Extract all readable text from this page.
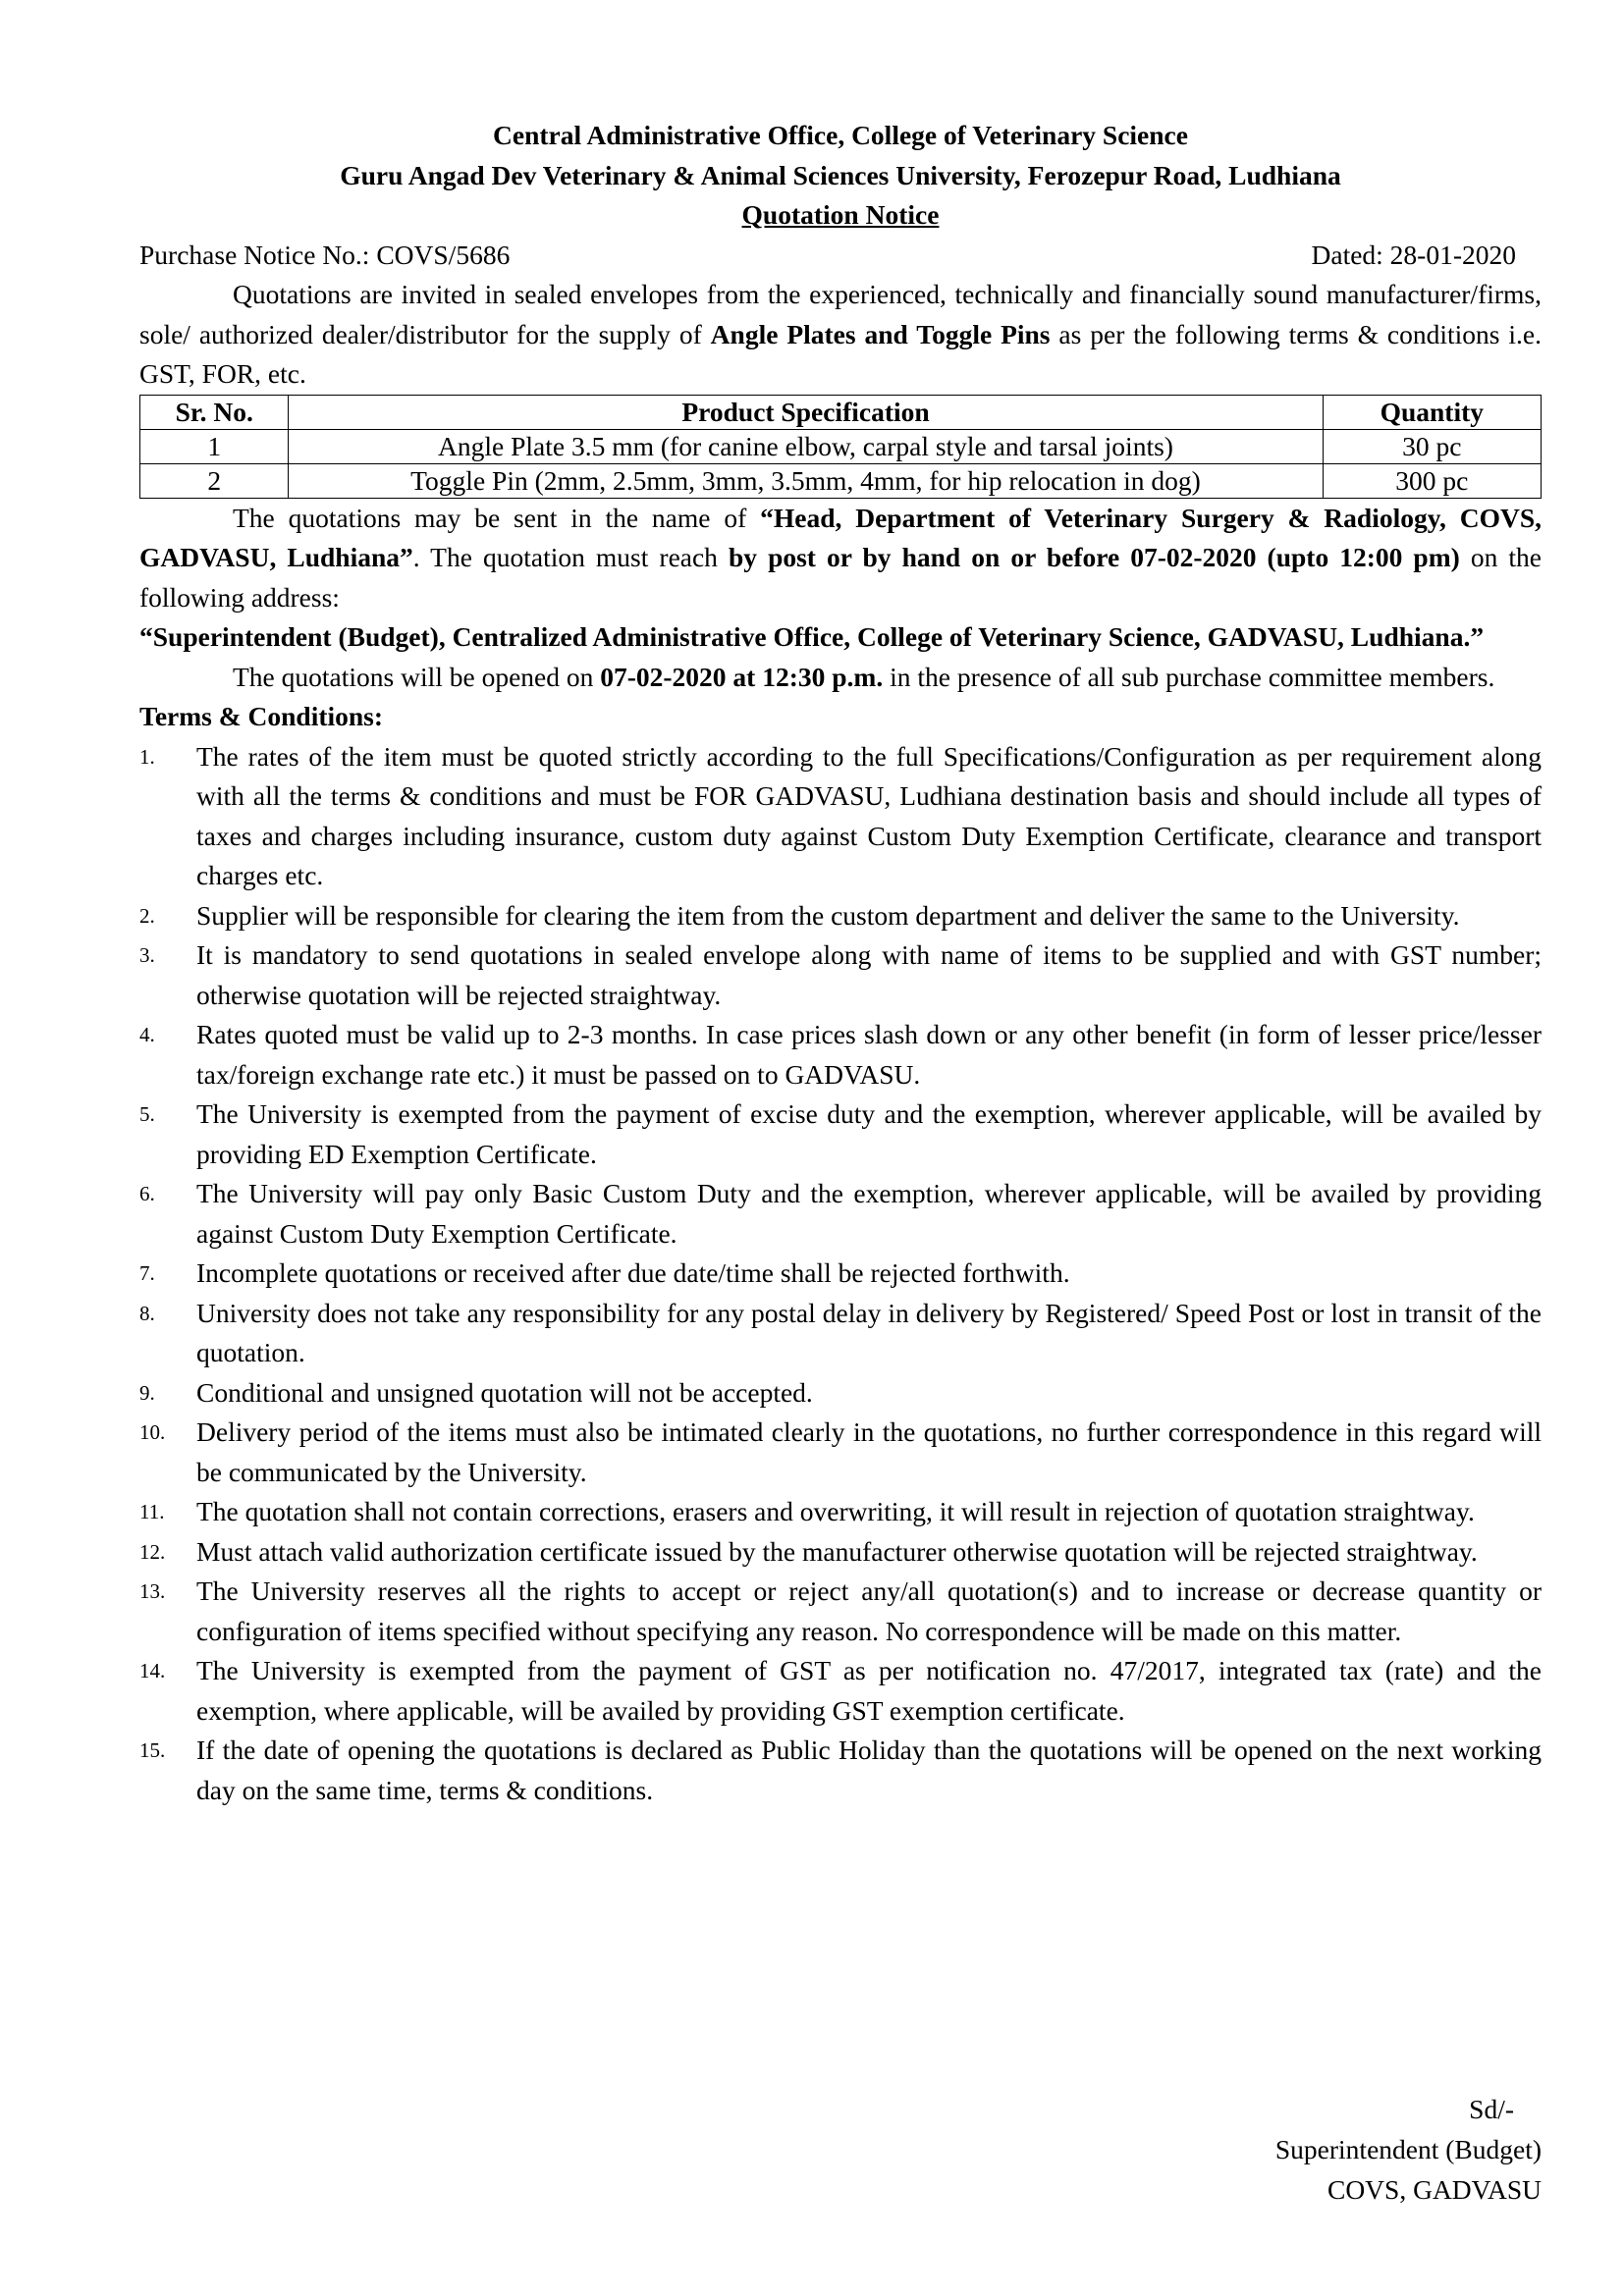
Central Administrative Office, College of Veterinary Science

Guru Angad Dev Veterinary & Animal Sciences University, Ferozepur Road, Ludhiana

Quotation Notice

Purchase Notice No.: COVS/5686	Dated: 28-01-2020

Quotations are invited in sealed envelopes from the experienced, technically and financially sound manufacturer/firms, sole/ authorized dealer/distributor for the supply of Angle Plates and Toggle Pins as per the following terms & conditions i.e. GST, FOR, etc.

Sr. No.	Product Specification	Quantity
1	Angle Plate 3.5 mm (for canine elbow, carpal style and tarsal joints)	30 pc
2	Toggle Pin (2mm, 2.5mm, 3mm, 3.5mm, 4mm, for hip relocation in dog)	300 pc

The quotations may be sent in the name of “Head, Department of Veterinary Surgery & Radiology, COVS, GADVASU, Ludhiana”. The quotation must reach by post or by hand on or before 07-02-2020 (upto 12:00 pm) on the following address:

“Superintendent (Budget), Centralized Administrative Office, College of Veterinary Science, GADVASU, Ludhiana.”

The quotations will be opened on 07-02-2020 at 12:30 p.m. in the presence of all sub purchase committee members.

Terms & Conditions:

1.	The rates of the item must be quoted strictly according to the full Specifications/Configuration as per requirement along with all the terms & conditions and must be FOR GADVASU, Ludhiana destination basis and should include all types of taxes and charges including insurance, custom duty against Custom Duty Exemption Certificate, clearance and transport charges etc.
2.	Supplier will be responsible for clearing the item from the custom department and deliver the same to the University.
3.	It is mandatory to send quotations in sealed envelope along with name of items to be supplied and with GST number; otherwise quotation will be rejected straightway.
4.	Rates quoted must be valid up to 2-3 months. In case prices slash down or any other benefit (in form of lesser price/lesser tax/foreign exchange rate etc.) it must be passed on to GADVASU.
5.	The University is exempted from the payment of excise duty and the exemption, wherever applicable, will be availed by providing ED Exemption Certificate.
6.	The University will pay only Basic Custom Duty and the exemption, wherever applicable, will be availed by providing against Custom Duty Exemption Certificate.
7.	Incomplete quotations or received after due date/time shall be rejected forthwith.
8.	University does not take any responsibility for any postal delay in delivery by Registered/ Speed Post or lost in transit of the quotation.
9.	Conditional and unsigned quotation will not be accepted.
10.	Delivery period of the items must also be intimated clearly in the quotations, no further correspondence in this regard will be communicated by the University.
11.	The quotation shall not contain corrections, erasers and overwriting, it will result in rejection of quotation straightway.
12.	Must attach valid authorization certificate issued by the manufacturer otherwise quotation will be rejected straightway.
13.	The University reserves all the rights to accept or reject any/all quotation(s) and to increase or decrease quantity or configuration of items specified without specifying any reason. No correspondence will be made on this matter.
14.	The University is exempted from the payment of GST as per notification no. 47/2017, integrated tax (rate) and the exemption, where applicable, will be availed by providing GST exemption certificate.
15.	If the date of opening the quotations is declared as Public Holiday than the quotations will be opened on the next working day on the same time, terms & conditions.
Sd/-
Superintendent (Budget)
COVS, GADVASU
